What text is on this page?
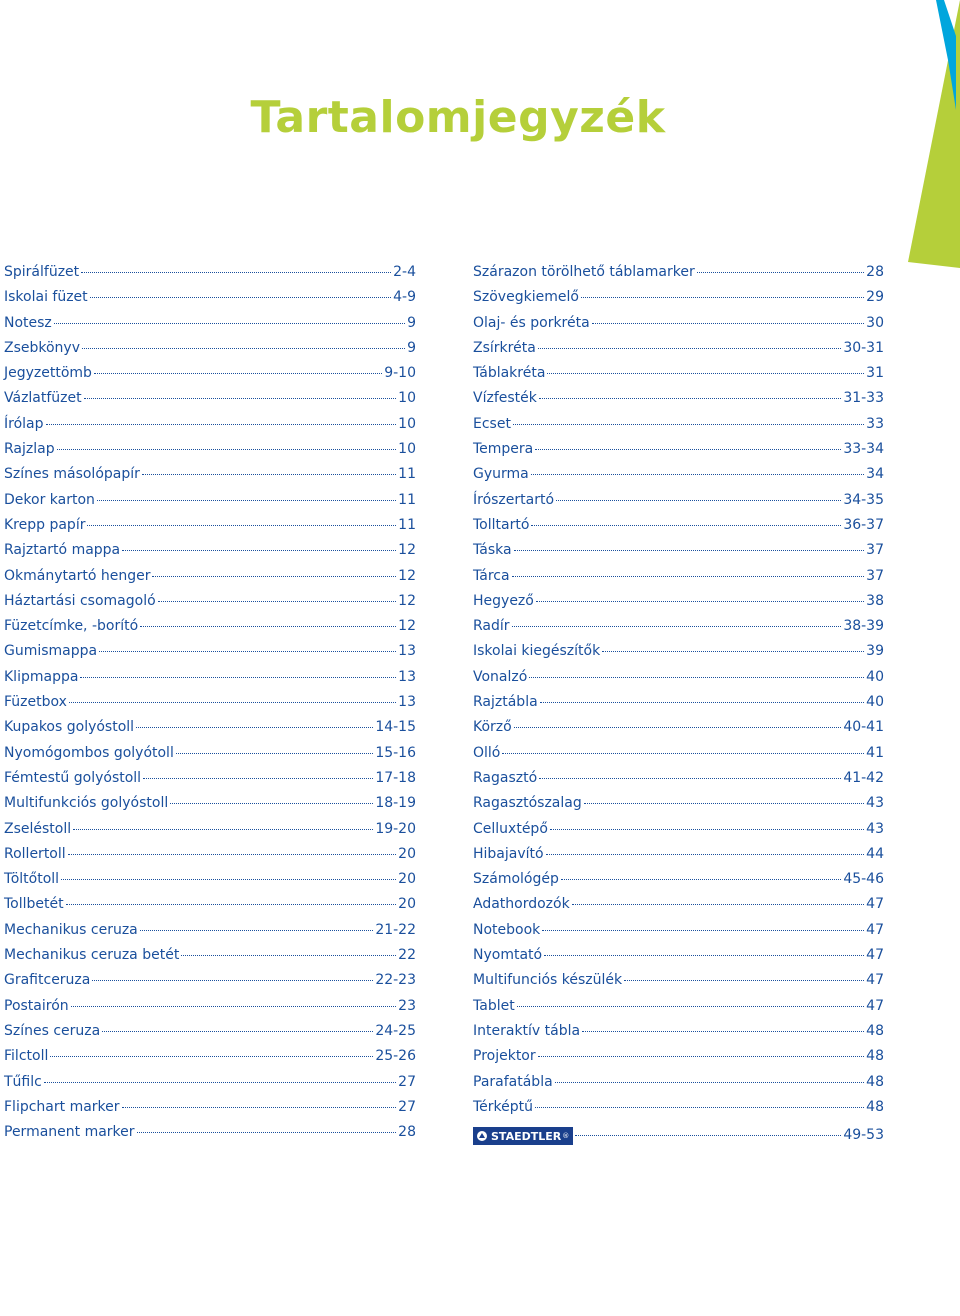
Tartalomjegyzék
Spirálfüzet	2-4
Iskolai füzet	4-9
Notesz	9
Zsebkönyv	9
Jegyzettömb	9-10
Vázlatfüzet	10
Írólap	10
Rajzlap	10
Színes másolópapír	11
Dekor karton	11
Krepp papír	11
Rajztartó mappa	12
Okmánytartó henger	12
Háztartási csomagoló	12
Füzetcímke, -borító	12
Gumismappa	13
Klipmappa	13
Füzetbox	13
Kupakos golyóstoll	14-15
Nyomógombos golyótoll	15-16
Fémtestű golyóstoll	17-18
Multifunkciós golyóstoll	18-19
Zseléstoll	19-20
Rollertoll	20
Töltőtoll	20
Tollbetét	20
Mechanikus ceruza	21-22
Mechanikus ceruza betét	22
Grafitceruza	22-23
Postairón	23
Színes ceruza	24-25
Filctoll	25-26
Tűfilc	27
Flipchart marker	27
Permanent marker	28
Szárazon törölhető táblamarker	28
Szövegkiemelő	29
Olaj- és porkréta	30
Zsírkréta	30-31
Táblakréta	31
Vízfesték	31-33
Ecset	33
Tempera	33-34
Gyurma	34
Írószertartó	34-35
Tolltartó	36-37
Táska	37
Tárca	37
Hegyező	38
Radír	38-39
Iskolai kiegészítők	39
Vonalzó	40
Rajztábla	40
Körző	40-41
Olló	41
Ragasztó	41-42
Ragasztószalag	43
Celluxtépő	43
Hibajavító	44
Számológép	45-46
Adathordozók	47
Notebook	47
Nyomtató	47
Multifunciós készülék	47
Tablet	47
Interaktív tábla	48
Projektor	48
Parafatábla	48
Térképtű	48
STAEDTLER ®	49-53
